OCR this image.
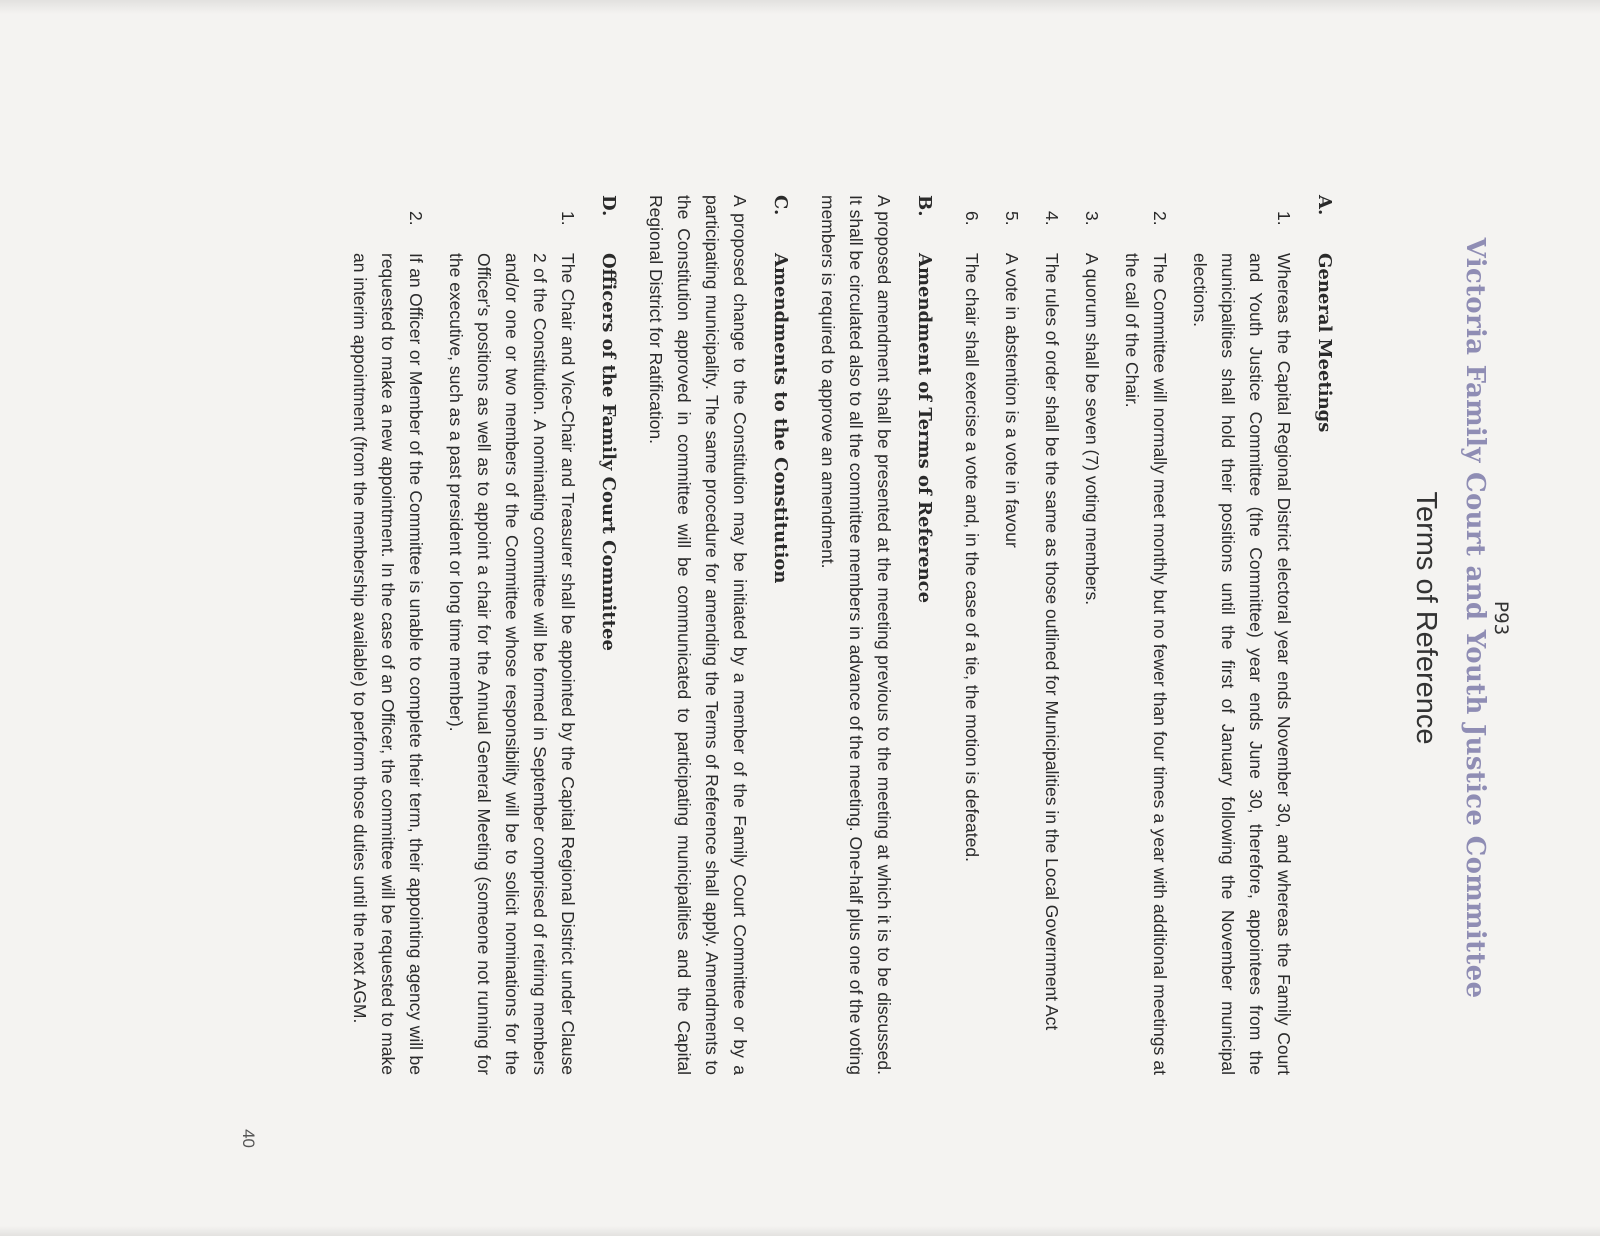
P93
Victoria Family Court and Youth Justice Committee
Terms of Reference
A.
General Meetings
1.
Whereas the Capital Regional District electoral year ends November 30, and whereas the Family Court and Youth Justice Committee (the Committee) year ends June 30, therefore, appointees from the municipalities shall hold their positions until the first of January following the November municipal elections.
2.
The Committee will normally meet monthly but no fewer than four times a year with additional meetings at the call of the Chair.
3.
A quorum shall be seven (7) voting members.
4.
The rules of order shall be the same as those outlined for Municipalities in the Local Government Act
5.
A vote in abstention is a vote in favour
6.
The chair shall exercise a vote and, in the case of a tie, the motion is defeated.
B.
Amendment of Terms of Reference

A proposed amendment shall be presented at the meeting previous to the meeting at which it is to be discussed. It shall be circulated also to all the committee members in advance of the meeting. One-half plus one of the voting members is required to approve an amendment.

C.
Amendments to the Constitution

A proposed change to the Constitution may be initiated by a member of the Family Court Committee or by a participating municipality. The same procedure for amending the Terms of Reference shall apply. Amendments to the Constitution approved in committee will be communicated to participating municipalities and the Capital Regional District for Ratification.

D.
Officers of the Family Court Committee
1.
The Chair and Vice-Chair and Treasurer shall be appointed by the Capital Regional District under Clause 2 of the Constitution. A nominating committee will be formed in September comprised of retiring members and/or one or two members of the Committee whose responsibility will be to solicit nominations for the Officer's positions as well as to appoint a chair for the Annual General Meeting (someone not running for the executive, such as a past president or long time member).
2.
If an Officer or Member of the Committee is unable to complete their term, their appointing agency will be requested to make a new appointment. In the case of an Officer, the committee will be requested to make an interim appointment (from the membership available) to perform those duties until the next AGM.
40
